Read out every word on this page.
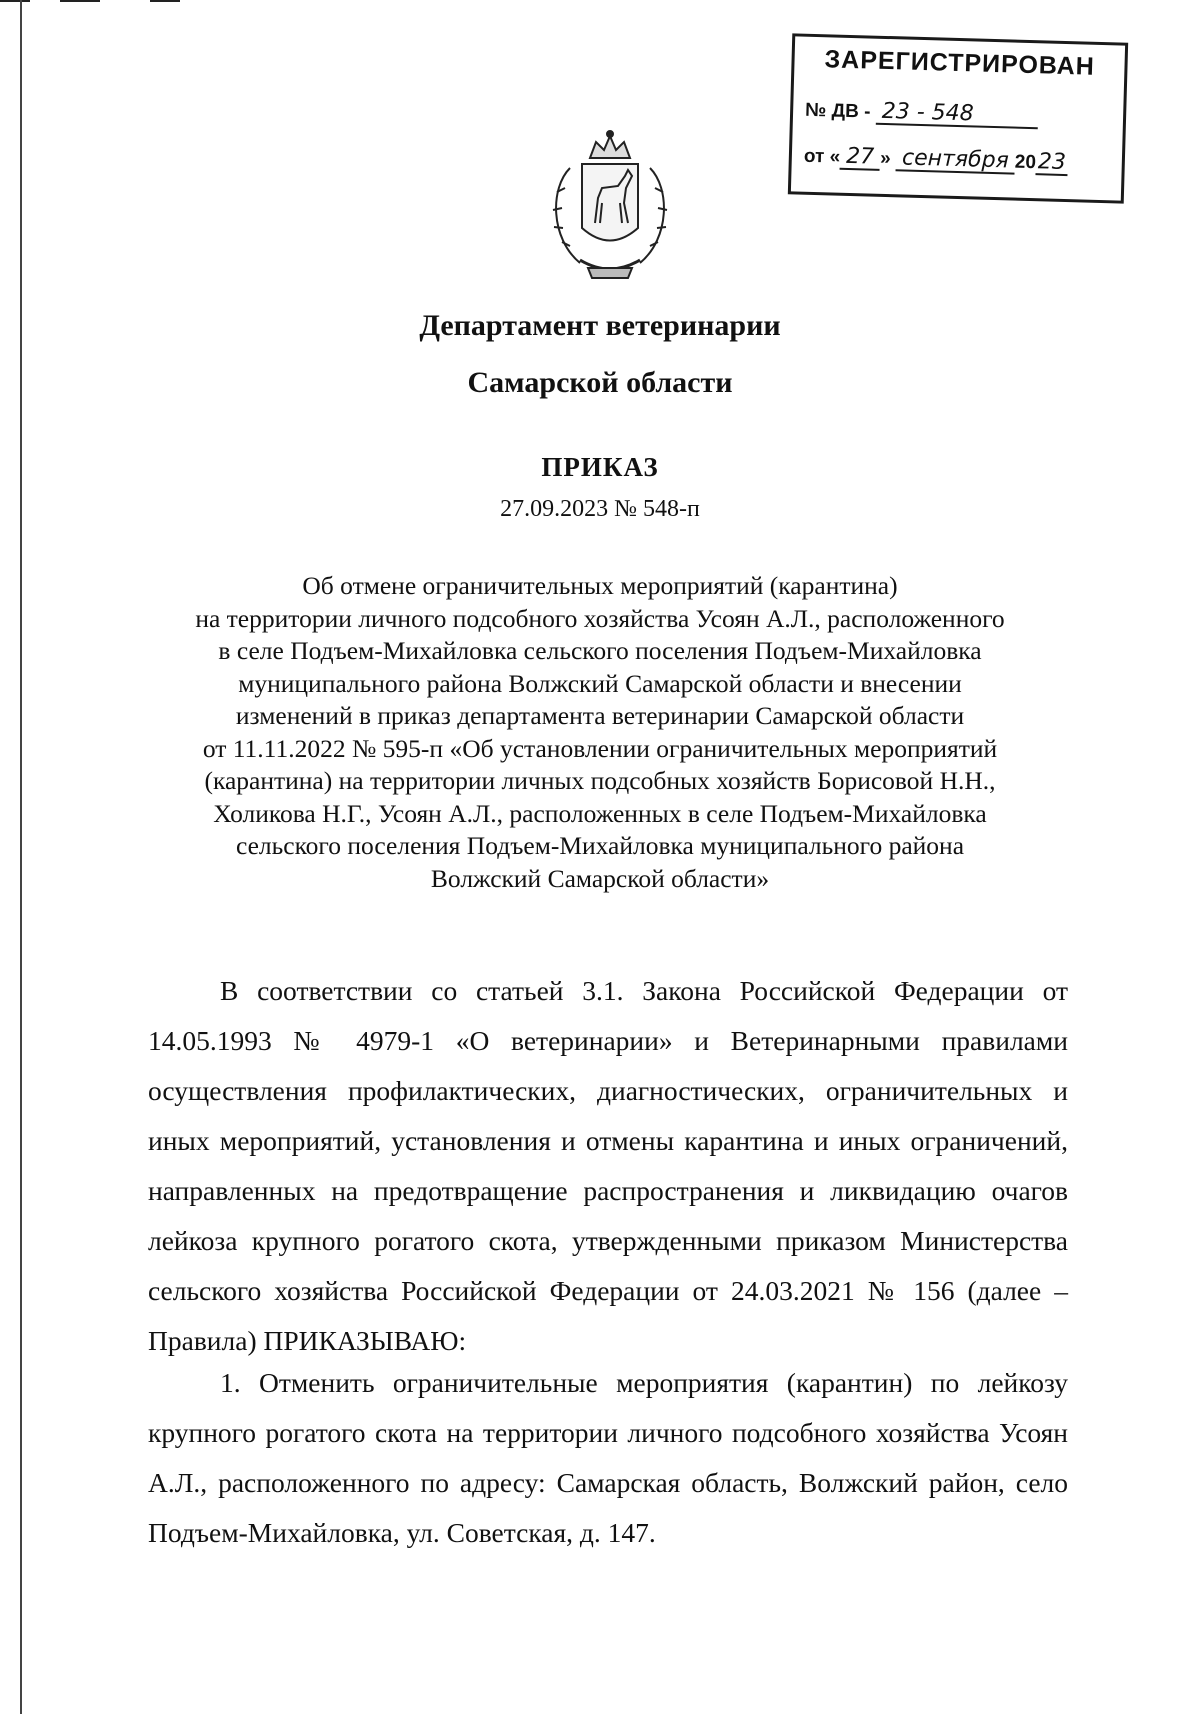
ЗАРЕГИСТРИРОВАН
№ ДВ - 23 - 548
от « 27 » сентября 2023
Департамент ветеринарии
Самарской области
ПРИКАЗ
27.09.2023 № 548-п
Об отмене ограничительных мероприятий (карантина)
на территории личного подсобного хозяйства Усоян А.Л., расположенного
в селе Подъем-Михайловка сельского поселения Подъем-Михайловка
муниципального района Волжский Самарской области и внесении
изменений в приказ департамента ветеринарии Самарской области
от 11.11.2022 № 595-п «Об установлении ограничительных мероприятий
(карантина) на территории личных подсобных хозяйств Борисовой Н.Н.,
Холикова Н.Г., Усоян А.Л., расположенных в селе Подъем-Михайловка
сельского поселения Подъем-Михайловка муниципального района
Волжский Самарской области»
В соответствии со статьей 3.1. Закона Российской Федерации от 14.05.1993 № 4979-1 «О ветеринарии» и Ветеринарными правилами осуществления профилактических, диагностических, ограничительных и иных мероприятий, установления и отмены карантина и иных ограничений, направленных на предотвращение распространения и ликвидацию очагов лейкоза крупного рогатого скота, утвержденными приказом Министерства сельского хозяйства Российской Федерации от 24.03.2021 № 156 (далее – Правила) ПРИКАЗЫВАЮ:
1. Отменить ограничительные мероприятия (карантин) по лейкозу крупного рогатого скота на территории личного подсобного хозяйства Усоян А.Л., расположенного по адресу: Самарская область, Волжский район, село Подъем-Михайловка, ул. Советская, д. 147.
